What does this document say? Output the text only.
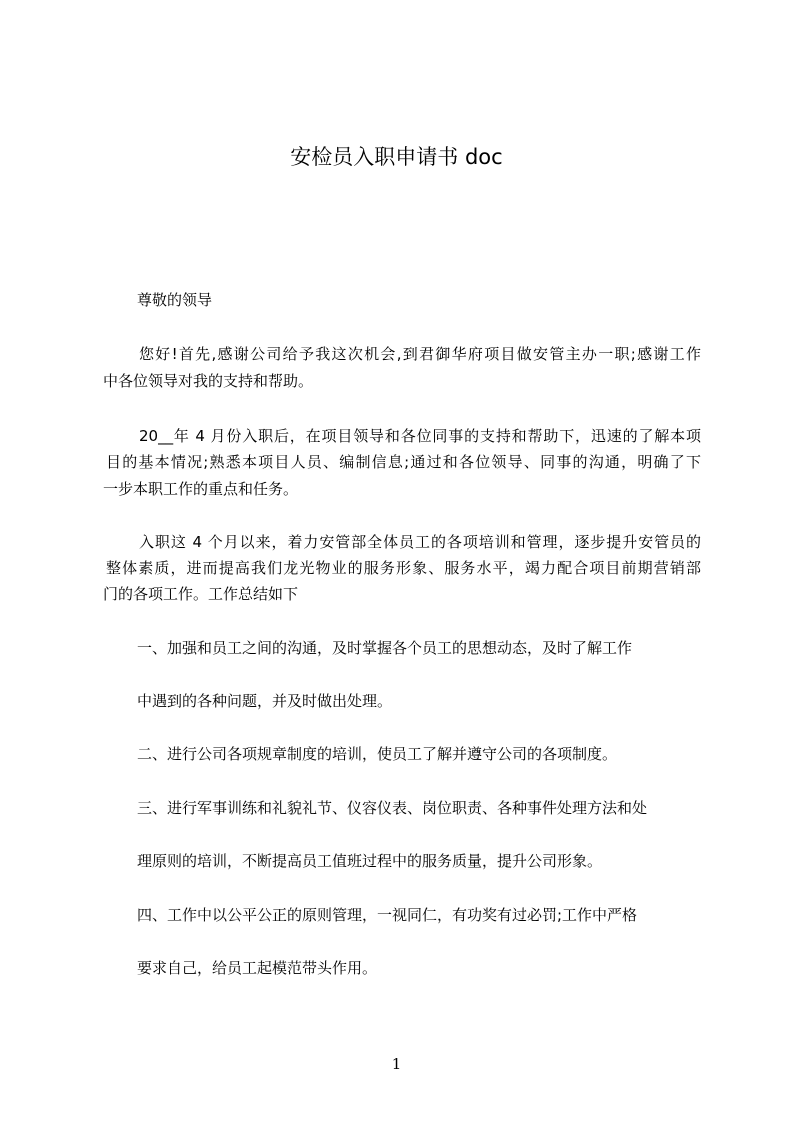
安检员入职申请书 doc

尊敬的领导

您好!首先,感谢公司给予我这次机会,到君御华府项目做安管主办一职;感谢工作

中各位领导对我的支持和帮助。

20__年 4 月份入职后，在项目领导和各位同事的支持和帮助下，迅速的了解本项

目的基本情况;熟悉本项目人员、编制信息;通过和各位领导、同事的沟通，明确了下

一步本职工作的重点和任务。

入职这 4 个月以来，着力安管部全体员工的各项培训和管理，逐步提升安管员的

整体素质，进而提高我们龙光物业的服务形象、服务水平，竭力配合项目前期营销部

门的各项工作。工作总结如下

一、加强和员工之间的沟通，及时掌握各个员工的思想动态，及时了解工作

中遇到的各种问题，并及时做出处理。

二、进行公司各项规章制度的培训，使员工了解并遵守公司的各项制度。

三、进行军事训练和礼貌礼节、仪容仪表、岗位职责、各种事件处理方法和处

理原则的培训，不断提高员工值班过程中的服务质量，提升公司形象。

四、工作中以公平公正的原则管理，一视同仁，有功奖有过必罚;工作中严格

要求自己，给员工起模范带头作用。

1
